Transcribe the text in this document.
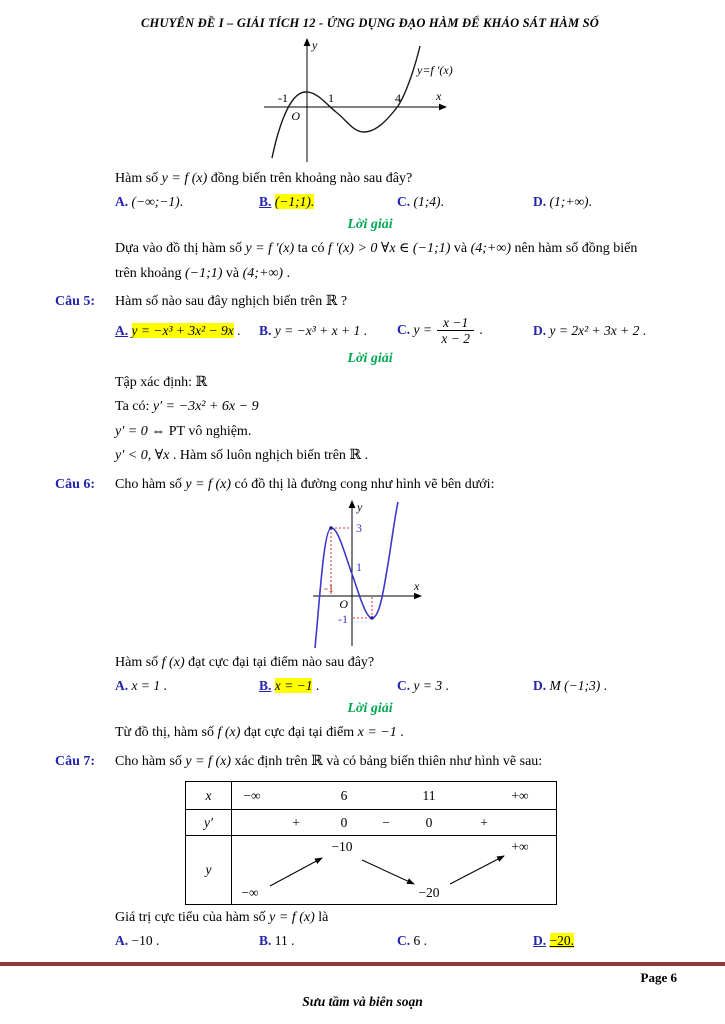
CHUYÊN ĐỀ I – GIẢI TÍCH 12 - ỨNG DỤNG ĐẠO HÀM ĐỂ KHẢO SÁT HÀM SỐ
y
x
O
-1	1	4
y=f ′(x)

Hàm số y = f (x) đồng biến trên khoảng nào sau đây?

A. (−∞;−1).	B. (−1;1).	C. (1;4).	D. (1;+∞).

Lời giải

Dựa vào đồ thị hàm số y = f ′(x) ta có f ′(x) > 0 ∀x ∈ (−1;1) và (4;+∞) nên hàm số đồng biến

trên khoảng (−1;1) và (4;+∞) .

Câu 5:	Hàm số nào sau đây nghịch biến trên ℝ ?

A. y = −x³ + 3x² − 9x .	B. y = −x³ + x + 1 .	C. $y = \frac{x -1}{x - 2}$ .	D. y = 2x² + 3x + 2 .

Lời giải

Tập xác định: ℝ

Ta có: y′ = −3x² + 6x − 9

y′ = 0 ⇔ PT vô nghiệm.

y′ < 0, ∀x . Hàm số luôn nghịch biến trên ℝ .

Câu 6:	Cho hàm số y = f (x) có đồ thị là đường cong như hình vẽ bên dưới:

y
x
3
1
-1
O
-1

Hàm số f (x) đạt cực đại tại điểm nào sau đây?

A. x = 1 .	B. x = −1 .	C. y = 3 .	D. M (−1;3) .

Lời giải

Từ đồ thị, hàm số f (x) đạt cực đại tại điểm x = −1 .

Câu 7:	Cho hàm số y = f (x) xác định trên ℝ và có bảng biến thiên như hình vẽ sau:

x	−∞	6	11	+∞
y′	+	0	−	0	+
y
−10	+∞
−∞	−20

Giá trị cực tiểu của hàm số y = f (x) là

A. −10 .	B. 11 .	C. 6 .	D. −20.
Page 6
Sưu tầm và biên soạn
